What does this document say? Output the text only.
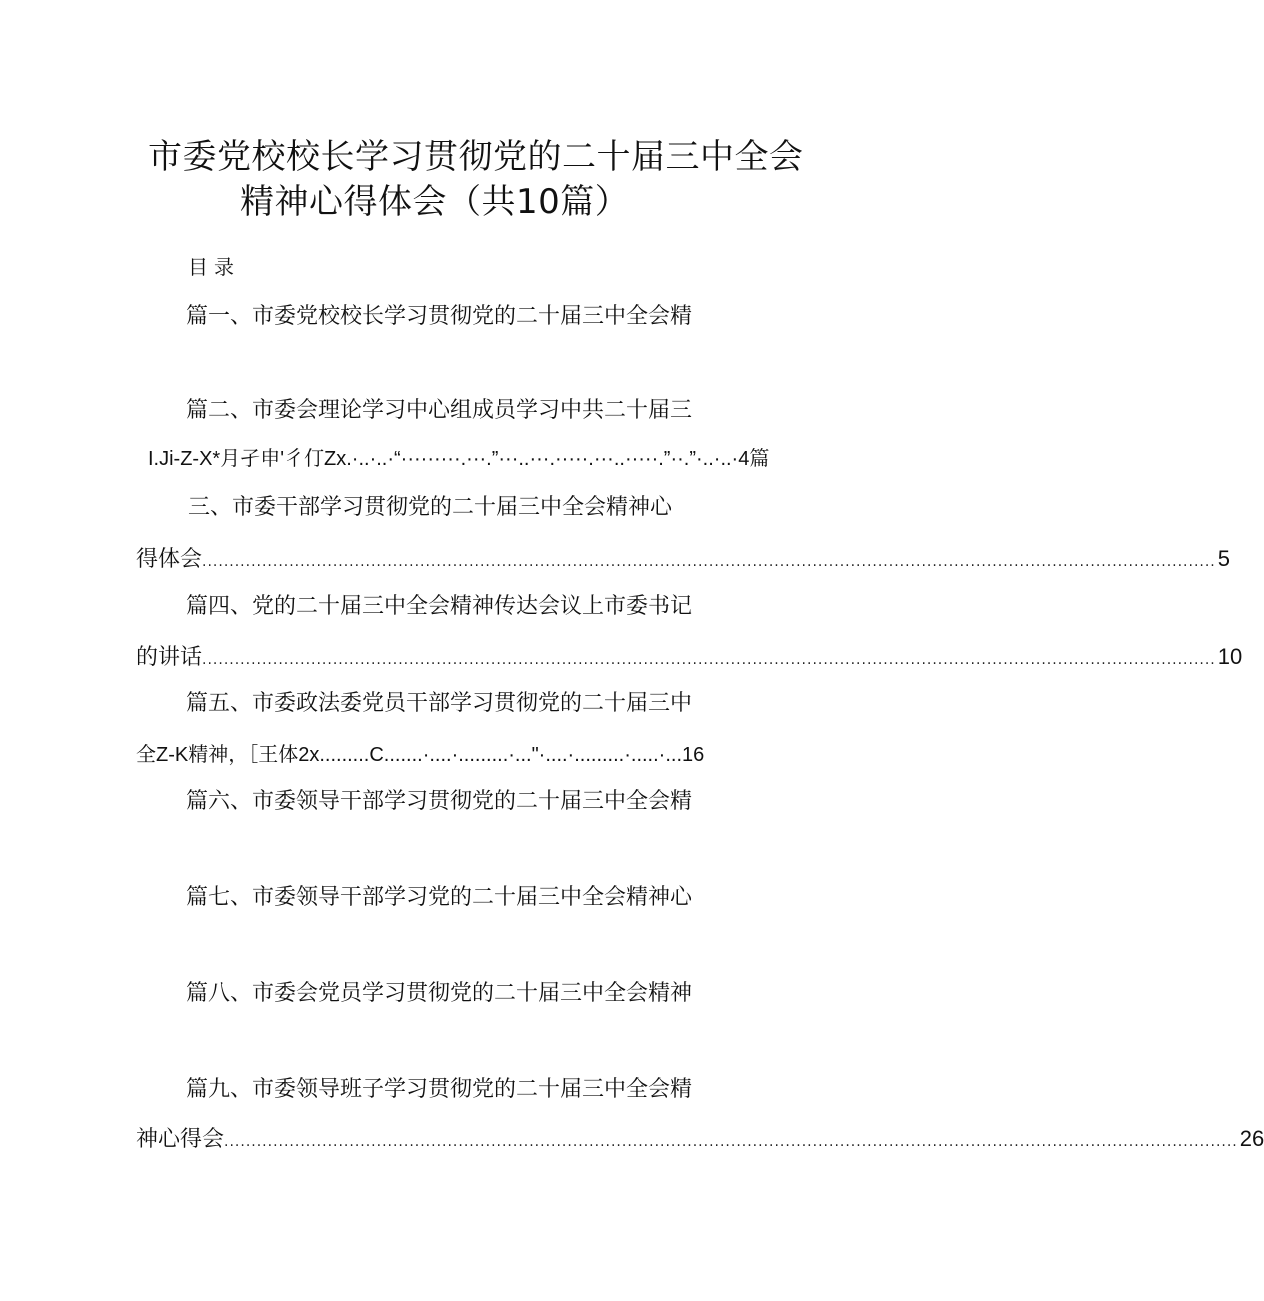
市委党校校长学习贯彻党的二十届三中全会
精神心得体会（共10篇）
目录
篇一、市委党校校长学习贯彻党的二十届三中全会精
篇二、市委会理论学习中心组成员学习中共二十届三
I.Ji-Z-X*月孑申'彳仃Zx.·..·..·“·········.···.”···..···.·····.···..·····.”··.”·..·..·4篇
三、市委干部学习贯彻党的二十届三中全会精神心
得体会 .......................................................................................................................................................................................... 5
篇四、党的二十届三中全会精神传达会议上市委书记
的讲话 .......................................................................................................................................................................................... 10
篇五、市委政法委党员干部学习贯彻党的二十届三中
全Z-K精神，［王体2x.........C.......·....·.........·..."·....·.........·.....·...16
篇六、市委领导干部学习贯彻党的二十届三中全会精
篇七、市委领导干部学习党的二十届三中全会精神心
篇八、市委会党员学习贯彻党的二十届三中全会精神
篇九、市委领导班子学习贯彻党的二十届三中全会精
神心得会 .......................................................................................................................................................................................... 26
